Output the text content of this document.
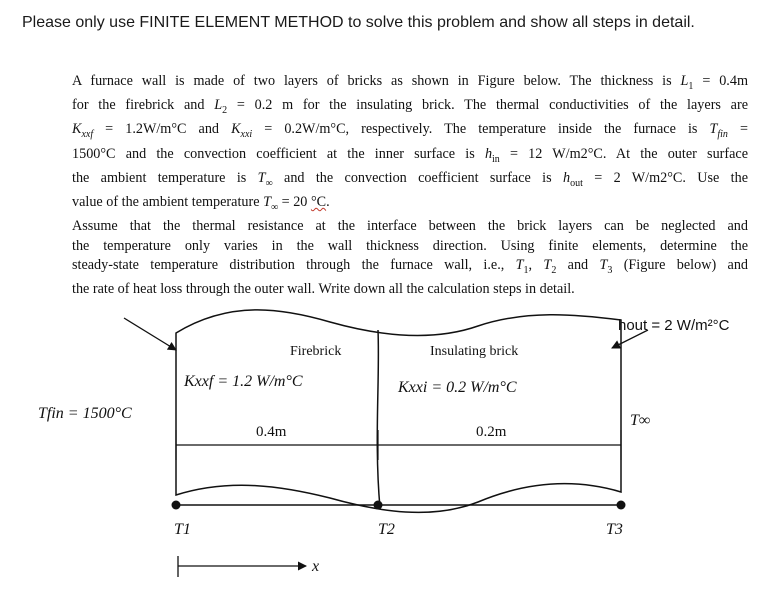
Please only use FINITE ELEMENT METHOD to solve this problem and show all steps in detail.

A furnace wall is made of two layers of bricks as shown in Figure below. The thickness is $L_1 = 0.4m$

for the firebrick and $L_2 = 0.2$ m for the insulating brick. The thermal conductivities of the layers are

$K_{xxf} = 1.2W/m^\circ C$ and $K_{xxi} = 0.2W/m^\circ C$, respectively. The temperature inside the furnace is $T_{fin}$ =

1500°C and the convection coefficient at the inner surface is $h_{in} = 12$ W/m2°C. At the outer surface

the ambient temperature is $T_\infty$ and the convection coefficient surface is $h_{out} = 2$ W/m2°C. Use the

value of the ambient temperature $T_\infty = 20$ °C.

Assume that the thermal resistance at the interface between the brick layers can be neglected and

the temperature only varies in the wall thickness direction. Using finite elements, determine the

steady-state temperature distribution through the furnace wall, i.e., $T_1$, $T_2$ and $T_3$ (Figure below) and

the rate of heat loss through the outer wall. Write down all the calculation steps in detail.

hout = 2 W/m²°C
Firebrick	Insulating brick
Kxxf = 1.2 W/m°C	Kxxi = 0.2 W/m°C
Tfin = 1500°C	T∞
0.4m	0.2m
T1	T2	T3
x
